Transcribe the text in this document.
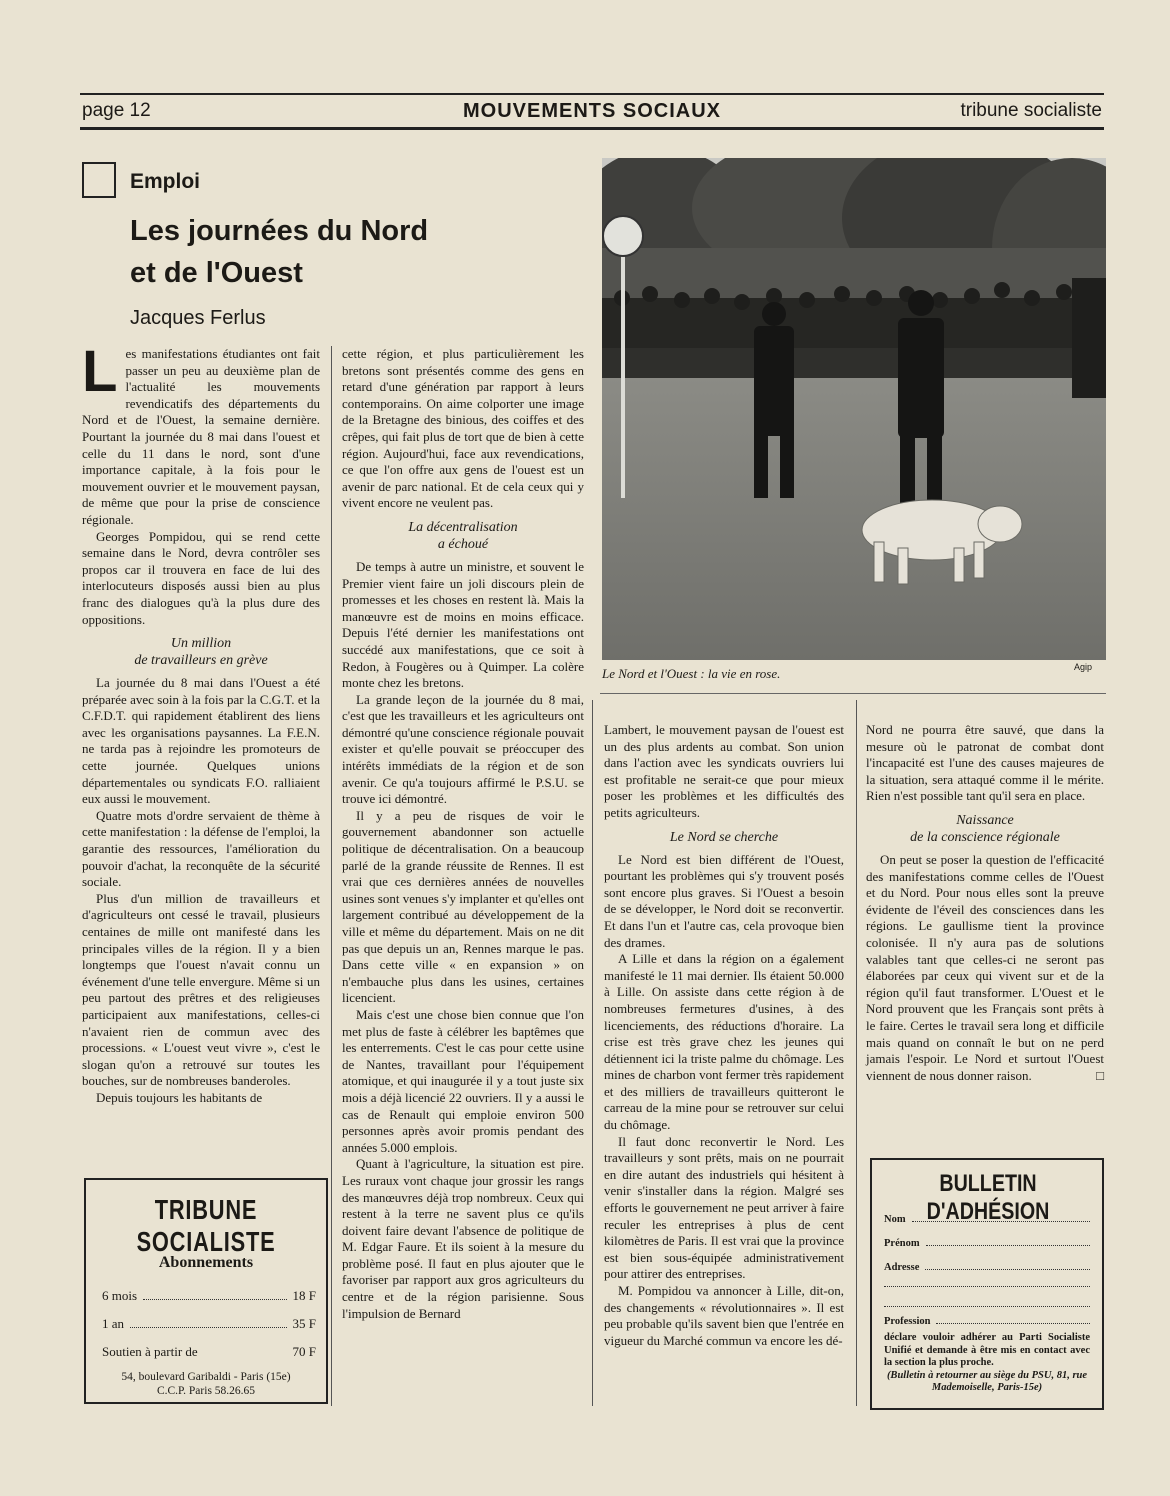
page 12	MOUVEMENTS SOCIAUX	tribune socialiste
Emploi
Les journées du Nord
et de l'Ouest
Jacques Ferlus
L es manifestations étudiantes ont fait passer un peu au deuxième plan de l'actualité les mouvements revendicatifs des départements du Nord et de l'Ouest, la semaine dernière. Pourtant la journée du 8 mai dans l'ouest et celle du 11 dans le nord, sont d'une importance capitale, à la fois pour le mouvement ouvrier et le mouvement paysan, de même que pour la prise de conscience régionale.

Georges Pompidou, qui se rend cette semaine dans le Nord, devra contrôler ses propos car il trouvera en face de lui des interlocuteurs disposés aussi bien au plus franc des dialogues qu'à la plus dure des oppositions.

Un million
de travailleurs en grève

La journée du 8 mai dans l'Ouest a été préparée avec soin à la fois par la C.G.T. et la C.F.D.T. qui rapidement établirent des liens avec les organisations paysannes. La F.E.N. ne tarda pas à rejoindre les promoteurs de cette journée. Quelques unions départementales ou syndicats F.O. ralliaient eux aussi le mouvement.

Quatre mots d'ordre servaient de thème à cette manifestation : la défense de l'emploi, la garantie des ressources, l'amélioration du pouvoir d'achat, la reconquête de la sécurité sociale.

Plus d'un million de travailleurs et d'agriculteurs ont cessé le travail, plusieurs centaines de mille ont manifesté dans les principales villes de la région. Il y a bien longtemps que l'ouest n'avait connu un événement d'une telle envergure. Même si un peu partout des prêtres et des religieuses participaient aux manifestations, celles-ci n'avaient rien de commun avec des processions. « L'ouest veut vivre », c'est le slogan qu'on a retrouvé sur toutes les bouches, sur de nombreuses banderoles.

Depuis toujours les habitants de

cette région, et plus particulièrement les bretons sont présentés comme des gens en retard d'une génération par rapport à leurs contemporains. On aime colporter une image de la Bretagne des binious, des coiffes et des crêpes, qui fait plus de tort que de bien à cette région. Aujourd'hui, face aux revendications, ce que l'on offre aux gens de l'ouest est un avenir de parc national. Et de cela ceux qui y vivent encore ne veulent pas.

La décentralisation
a échoué

De temps à autre un ministre, et souvent le Premier vient faire un joli discours plein de promesses et les choses en restent là. Mais la manœuvre est de moins en moins efficace. Depuis l'été dernier les manifestations ont succédé aux manifestations, que ce soit à Redon, à Fougères ou à Quimper. La colère monte chez les bretons.

La grande leçon de la journée du 8 mai, c'est que les travailleurs et les agriculteurs ont démontré qu'une conscience régionale pouvait exister et qu'elle pouvait se préoccuper des intérêts immédiats de la région et de son avenir. Ce qu'a toujours affirmé le P.S.U. se trouve ici démontré.

Il y a peu de risques de voir le gouvernement abandonner son actuelle politique de décentralisation. On a beaucoup parlé de la grande réussite de Rennes. Il est vrai que ces dernières années de nouvelles usines sont venues s'y implanter et qu'elles ont largement contribué au développement de la ville et même du département. Mais on ne dit pas que depuis un an, Rennes marque le pas. Dans cette ville « en expansion » on n'embauche plus dans les usines, certaines licencient.

Mais c'est une chose bien connue que l'on met plus de faste à célébrer les baptêmes que les enterrements. C'est le cas pour cette usine de Nantes, travaillant pour l'équipement atomique, et qui inaugurée il y a tout juste six mois a déjà licencié 22 ouvriers. Il y a aussi le cas de Renault qui emploie environ 500 personnes après avoir promis pendant des années 5.000 emplois.

Quant à l'agriculture, la situation est pire. Les ruraux vont chaque jour grossir les rangs des manœuvres déjà trop nombreux. Ceux qui restent à la terre ne savent plus ce qu'ils doivent faire devant l'absence de politique de M. Edgar Faure. Et ils soient à la mesure du problème posé. Il faut en plus ajouter que le favoriser par rapport aux gros agriculteurs du centre et de la région parisienne. Sous l'impulsion de Bernard

Le Nord et l'Ouest : la vie en rose.	Agip

Lambert, le mouvement paysan de l'ouest est un des plus ardents au combat. Son union dans l'action avec les syndicats ouvriers lui est profitable ne serait-ce que pour mieux poser les problèmes et les difficultés des petits agriculteurs.

Le Nord se cherche

Le Nord est bien différent de l'Ouest, pourtant les problèmes qui s'y trouvent posés sont encore plus graves. Si l'Ouest a besoin de se développer, le Nord doit se reconvertir. Et dans l'un et l'autre cas, cela provoque bien des drames.

A Lille et dans la région on a également manifesté le 11 mai dernier. Ils étaient 50.000 à Lille. On assiste dans cette région à de nombreuses fermetures d'usines, à des licenciements, des réductions d'horaire. La crise est très grave chez les jeunes qui détiennent ici la triste palme du chômage. Les mines de charbon vont fermer très rapidement et des milliers de travailleurs quitteront le carreau de la mine pour se retrouver sur celui du chômage.

Il faut donc reconvertir le Nord. Les travailleurs y sont prêts, mais on ne pourrait en dire autant des industriels qui hésitent à venir s'installer dans la région. Malgré ses efforts le gouvernement ne peut arriver à faire reculer les entreprises à plus de cent kilomètres de Paris. Il est vrai que la province est bien sous-équipée administrativement pour attirer des entreprises.

M. Pompidou va annoncer à Lille, dit-on, des changements « révolutionnaires ». Il est peu probable qu'ils savent bien que l'entrée en vigueur du Marché commun va encore les dé-

Nord ne pourra être sauvé, que dans la mesure où le patronat de combat dont l'incapacité est l'une des causes majeures de la situation, sera attaqué comme il le mérite. Rien n'est possible tant qu'il sera en place.

Naissance
de la conscience régionale

On peut se poser la question de l'efficacité des manifestations comme celles de l'Ouest et du Nord. Pour nous elles sont la preuve évidente de l'éveil des consciences dans les régions. Le gaullisme tient la province colonisée. Il n'y aura pas de solutions valables tant que celles-ci ne seront pas élaborées par ceux qui vivent sur et de la région qu'il faut transformer. L'Ouest et le Nord prouvent que les Français sont prêts à le faire. Certes le travail sera long et difficile mais quand on connaît le but on ne perd jamais l'espoir. Le Nord et surtout l'Ouest viennent de nous donner raison.	□

TRIBUNE SOCIALISTE
Abonnements
6 mois	18 F
1 an	35 F
Soutien à partir de	70 F
54, boulevard Garibaldi - Paris (15e)
C.C.P. Paris 58.26.65
BULLETIN D'ADHÉSION
Nom
Prénom
Adresse
Profession
déclare vouloir adhérer au Parti Socialiste Unifié et demande à être mis en contact avec la section la plus proche.
(Bulletin à retourner au siège du PSU, 81, rue Mademoiselle, Paris-15e)
